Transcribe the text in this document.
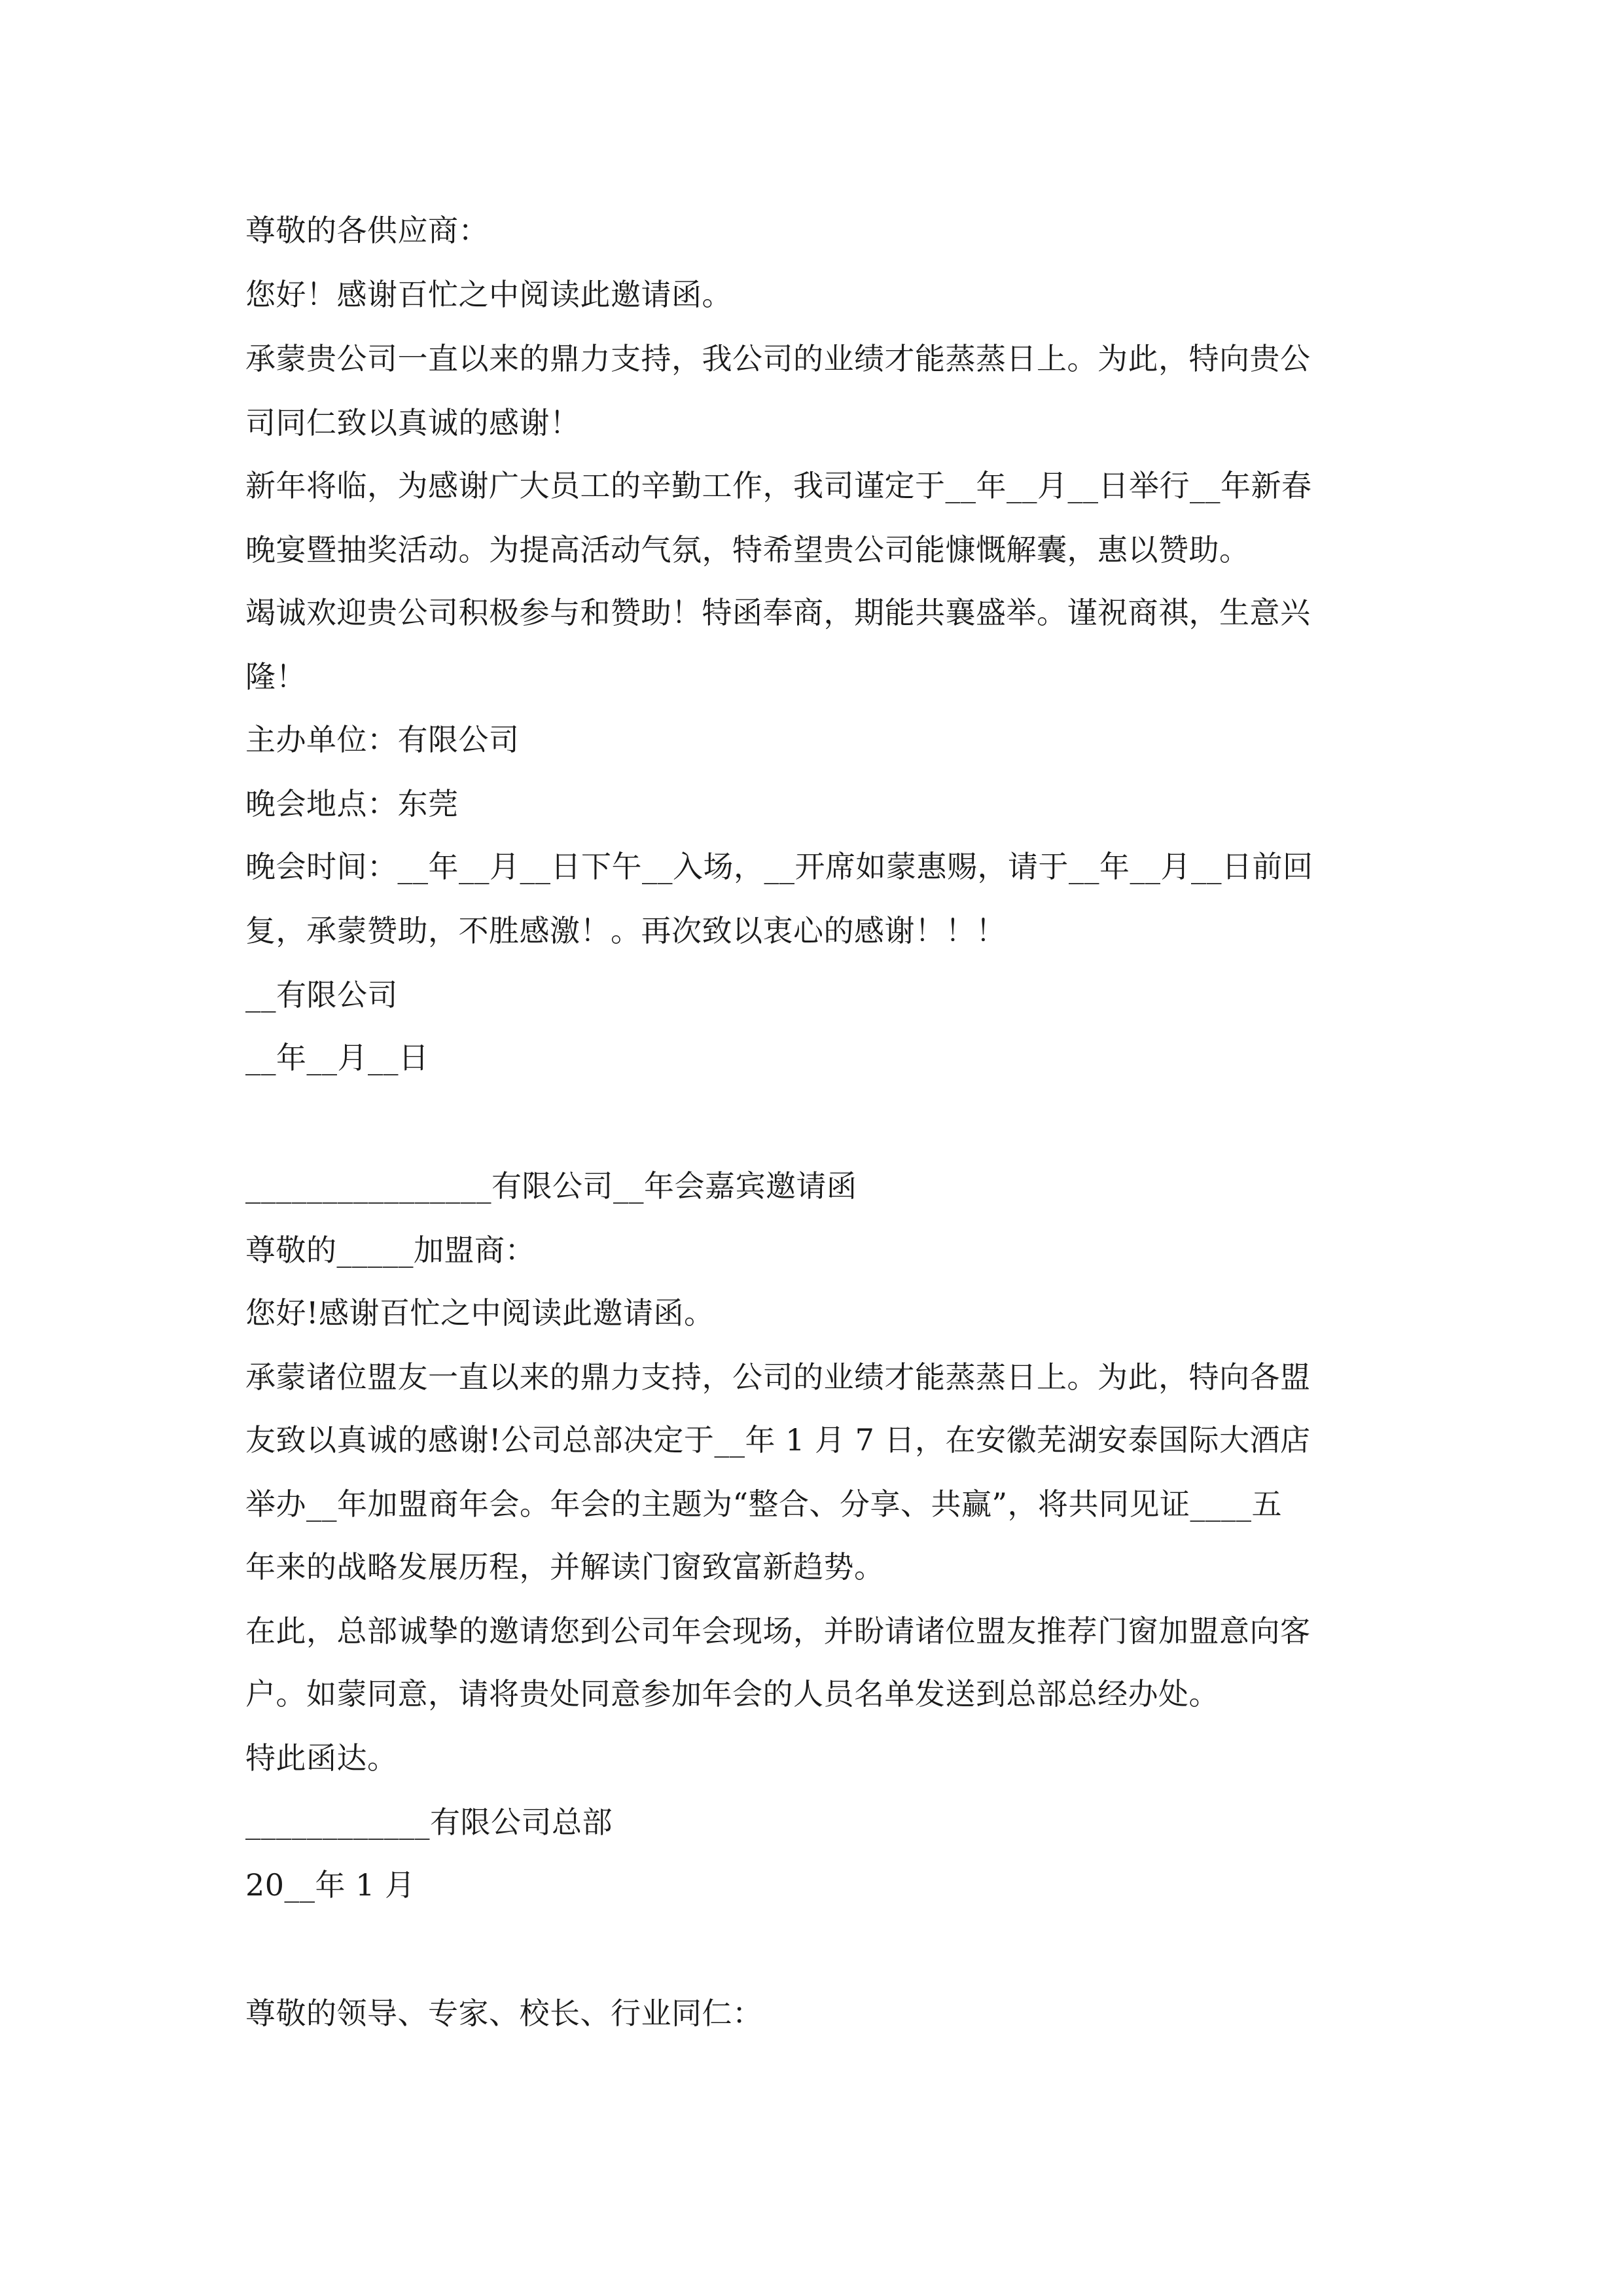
尊敬的各供应商：
您好！感谢百忙之中阅读此邀请函。
承蒙贵公司一直以来的鼎力支持，我公司的业绩才能蒸蒸日上。为此，特向贵公
司同仁致以真诚的感谢！
新年将临，为感谢广大员工的辛勤工作，我司谨定于__年__月__日举行__年新春
晚宴暨抽奖活动。为提高活动气氛，特希望贵公司能慷慨解囊，惠以赞助。
竭诚欢迎贵公司积极参与和赞助！特函奉商，期能共襄盛举。谨祝商祺，生意兴
隆！
主办单位：有限公司
晚会地点：东莞
晚会时间：__年__月__日下午__入场，__开席如蒙惠赐，请于__年__月__日前回
复，承蒙赞助，不胜感激！。再次致以衷心的感谢！！！
__有限公司
__年__月__日
________________有限公司__年会嘉宾邀请函
尊敬的_____加盟商：
您好!感谢百忙之中阅读此邀请函。
承蒙诸位盟友一直以来的鼎力支持，公司的业绩才能蒸蒸日上。为此，特向各盟
友致以真诚的感谢!公司总部决定于__年 1 月 7 日，在安徽芜湖安泰国际大酒店
举办__年加盟商年会。年会的主题为“整合、分享、共赢”，将共同见证____五
年来的战略发展历程，并解读门窗致富新趋势。
在此，总部诚挚的邀请您到公司年会现场，并盼请诸位盟友推荐门窗加盟意向客
户。如蒙同意，请将贵处同意参加年会的人员名单发送到总部总经办处。
特此函达。
____________有限公司总部
20__年 1 月
尊敬的领导、专家、校长、行业同仁：
